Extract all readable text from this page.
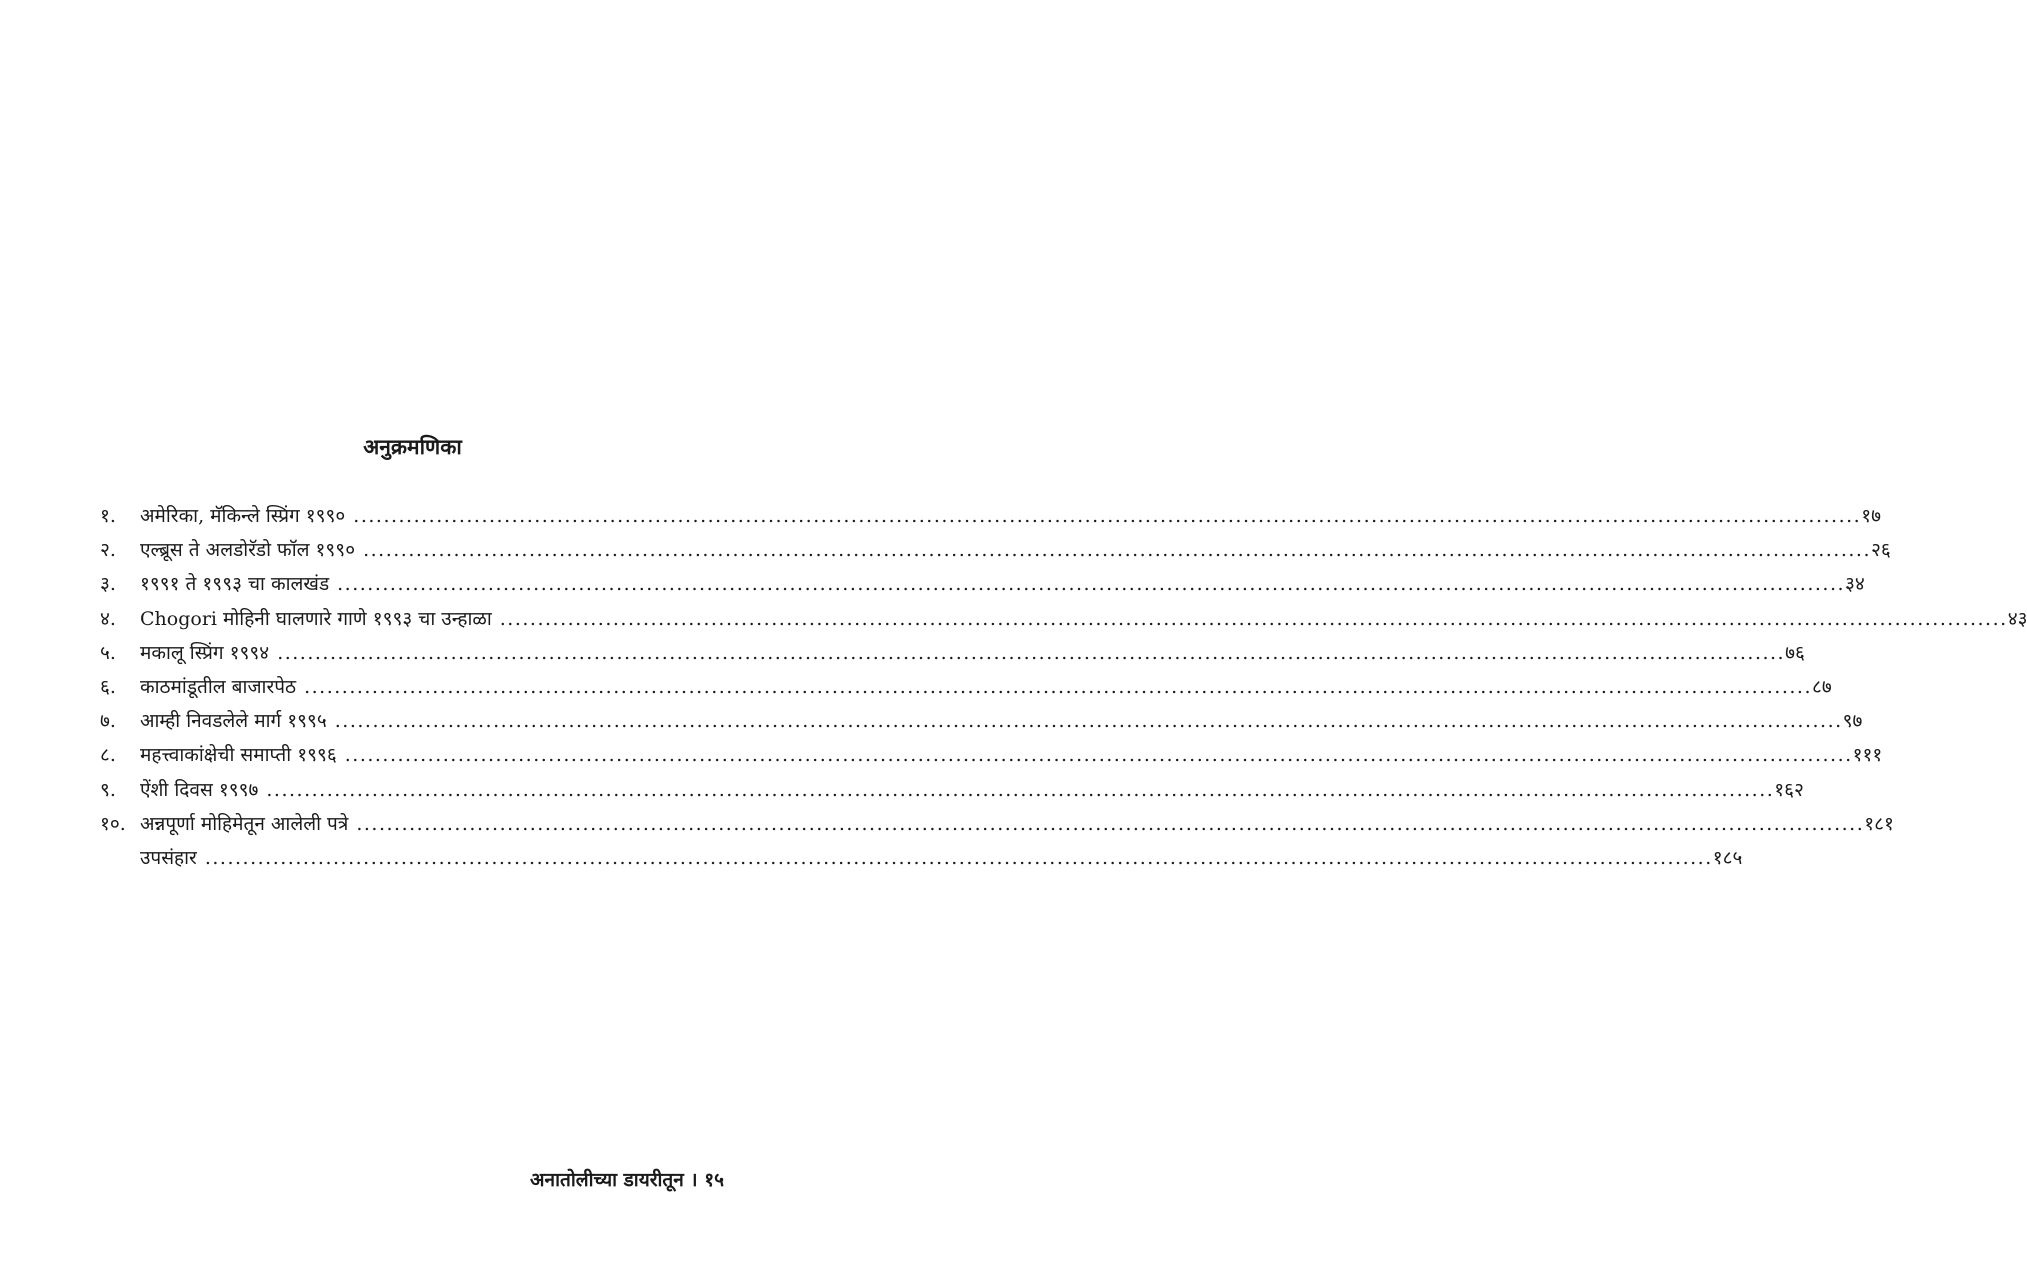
अनुक्रमणिका
१.	अमेरिका, मॅकिन्ले स्प्रिंग १९९० ........................................................................................................................................................................................................ १७
२.	एल्ब्रूस ते अलडोरॅडो फॉल १९९० ........................................................................................................................................................................................................ २६
३.	१९९१ ते १९९३ चा कालखंड ........................................................................................................................................................................................................ ३४
४.	Chogori मोहिनी घालणारे गाणे १९९३ चा उन्हाळा ........................................................................................................................................................................................................ ४३
५.	मकालू स्प्रिंग १९९४ ........................................................................................................................................................................................................ ७६
६.	काठमांडूतील बाजारपेठ ........................................................................................................................................................................................................ ८७
७.	आम्ही निवडलेले मार्ग १९९५ ........................................................................................................................................................................................................ ९७
८.	महत्त्वाकांक्षेची समाप्ती १९९६ ........................................................................................................................................................................................................ १११
९.	ऐंशी दिवस १९९७ ........................................................................................................................................................................................................ १६२
१०. अन्नपूर्णा मोहिमेतून आलेली पत्रे ........................................................................................................................................................................................................ १८१
उपसंहार ........................................................................................................................................................................................................ १८५
अनातोलीच्या डायरीतून । १५
